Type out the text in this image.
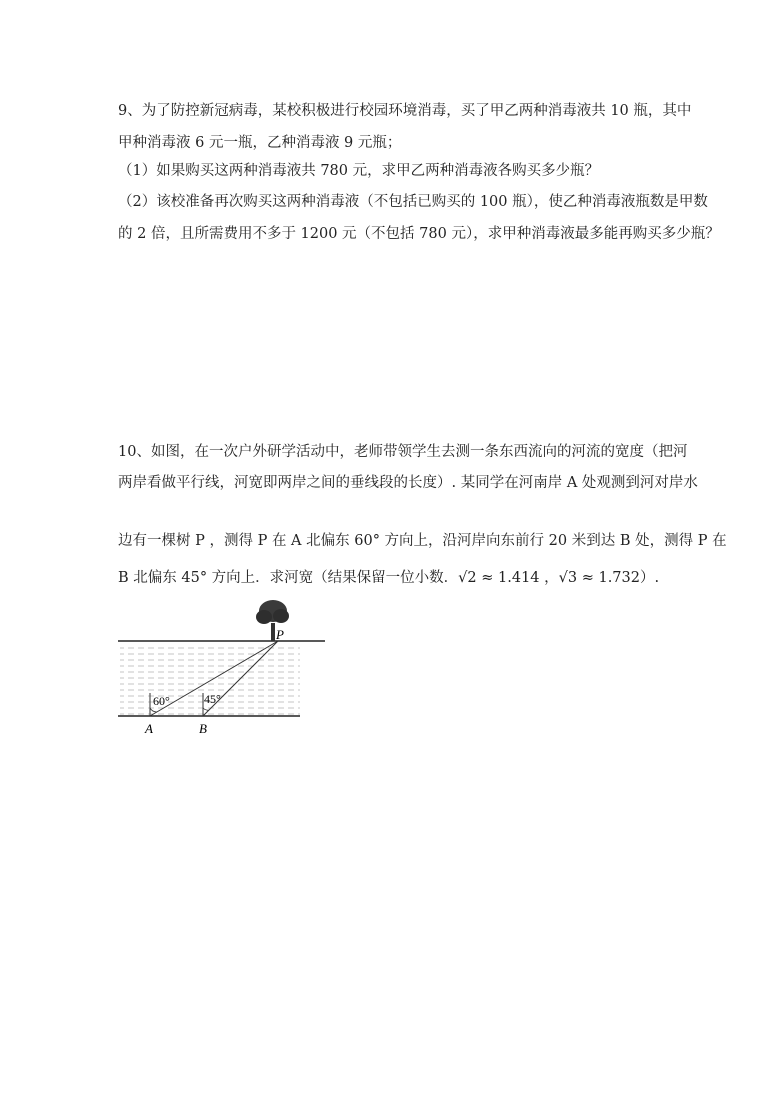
9、为了防控新冠病毒，某校积极进行校园环境消毒，买了甲乙两种消毒液共 10 瓶，其中
甲种消毒液 6 元一瓶，乙种消毒液 9 元瓶；
（1）如果购买这两种消毒液共 780 元，求甲乙两种消毒液各购买多少瓶？
（2）该校准备再次购买这两种消毒液（不包括已购买的 100 瓶），使乙种消毒液瓶数是甲数
的 2 倍，且所需费用不多于 1200 元（不包括 780 元），求甲种消毒液最多能再购买多少瓶？
10、如图，在一次户外研学活动中，老师带领学生去测一条东西流向的河流的宽度（把河
两岸看做平行线，河宽即两岸之间的垂线段的长度）. 某同学在河南岸 A 处观测到河对岸水
边有一棵树 P ，测得 P 在 A 北偏东 60° 方向上，沿河岸向东前行 20 米到达 B 处，测得 P 在
B 北偏东 45° 方向上．求河宽（结果保留一位小数．√2 ≈ 1.414 ，√3 ≈ 1.732）.
60°	45°
A	B
P
